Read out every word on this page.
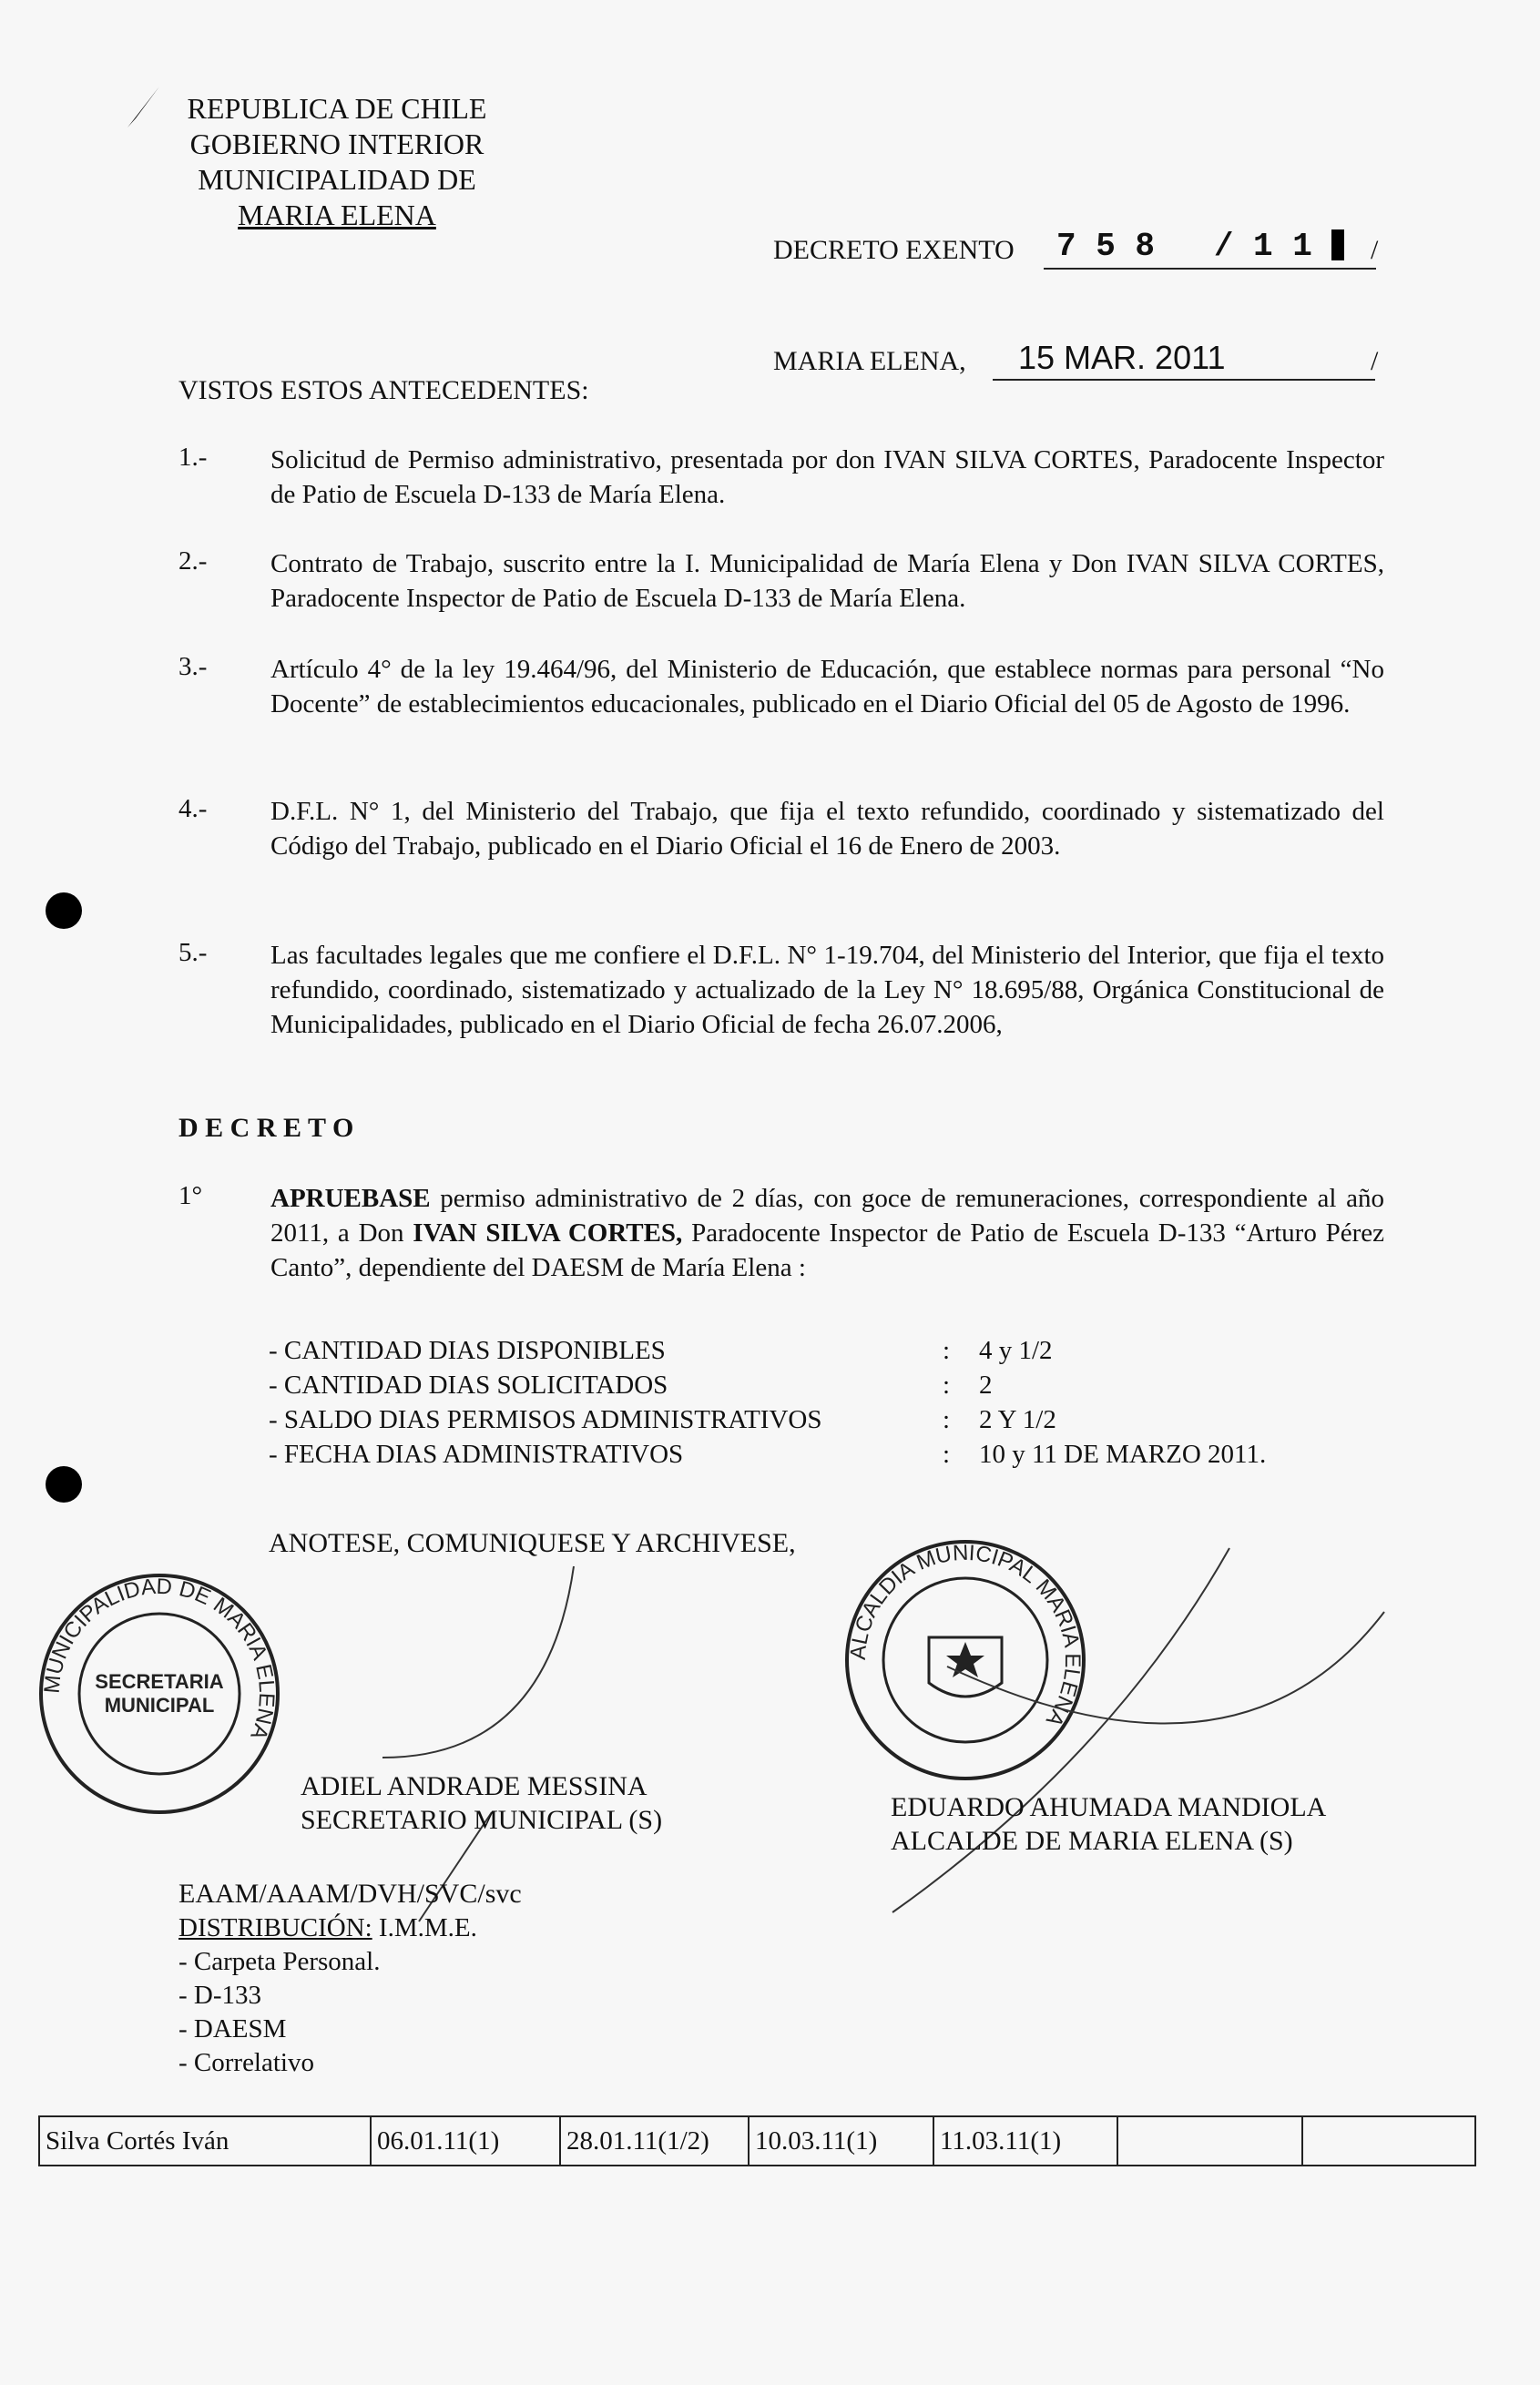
REPUBLICA DE CHILE
GOBIERNO INTERIOR
MUNICIPALIDAD DE
MARIA ELENA
DECRETO EXENTO 7 5 8   / 1 1 /
MARIA ELENA, 15 MAR. 2011	/
VISTOS ESTOS ANTECEDENTES:
1.- Solicitud de Permiso administrativo, presentada por don IVAN SILVA CORTES, Paradocente Inspector de Patio de Escuela D-133 de María Elena.
2.- Contrato de Trabajo, suscrito entre la I. Municipalidad de María Elena y Don IVAN SILVA CORTES, Paradocente Inspector de Patio de Escuela D-133 de María Elena.
3.- Artículo 4° de la ley 19.464/96, del Ministerio de Educación, que establece normas para personal “No Docente” de establecimientos educacionales, publicado en el Diario Oficial del 05 de Agosto de 1996.
4.- D.F.L. N° 1, del Ministerio del Trabajo, que fija el texto refundido, coordinado y sistematizado del Código del Trabajo, publicado en el Diario Oficial el 16 de Enero de 2003.
5.- Las facultades legales que me confiere el D.F.L. N° 1-19.704, del Ministerio del Interior, que fija el texto refundido, coordinado, sistematizado y actualizado de la Ley N° 18.695/88, Orgánica Constitucional de Municipalidades, publicado en el Diario Oficial de fecha 26.07.2006,
D E C R E T O
1°	APRUEBASE permiso administrativo de 2 días, con goce de remuneraciones, correspondiente al año 2011, a Don IVAN SILVA CORTES, Paradocente Inspector de Patio de Escuela D-133 “Arturo Pérez Canto”, dependiente del DAESM de María Elena :
- CANTIDAD DIAS DISPONIBLES	:	4 y 1/2
- CANTIDAD DIAS SOLICITADOS	:	2
- SALDO DIAS PERMISOS ADMINISTRATIVOS	:	2 Y 1/2
- FECHA DIAS ADMINISTRATIVOS	:	10 y 11 DE MARZO 2011.
ANOTESE, COMUNIQUESE Y ARCHIVESE,
MUNICIPALIDAD DE MARIA ELENA
SECRETARIA MUNICIPAL
ALCALDIA MUNICIPAL MARIA ELENA
ADIEL ANDRADE MESSINA
SECRETARIO MUNICIPAL (S)	EDUARDO AHUMADA MANDIOLA
ALCALDE DE MARIA ELENA (S)
EAAM/AAAM/DVH/SVC/svc
DISTRIBUCIÓN: I.M.M.E.
- Carpeta Personal.
- D-133
- DAESM
- Correlativo
Silva Cortés Iván	06.01.11(1)	28.01.11(1/2)	10.03.11(1)	11.03.11(1)		
